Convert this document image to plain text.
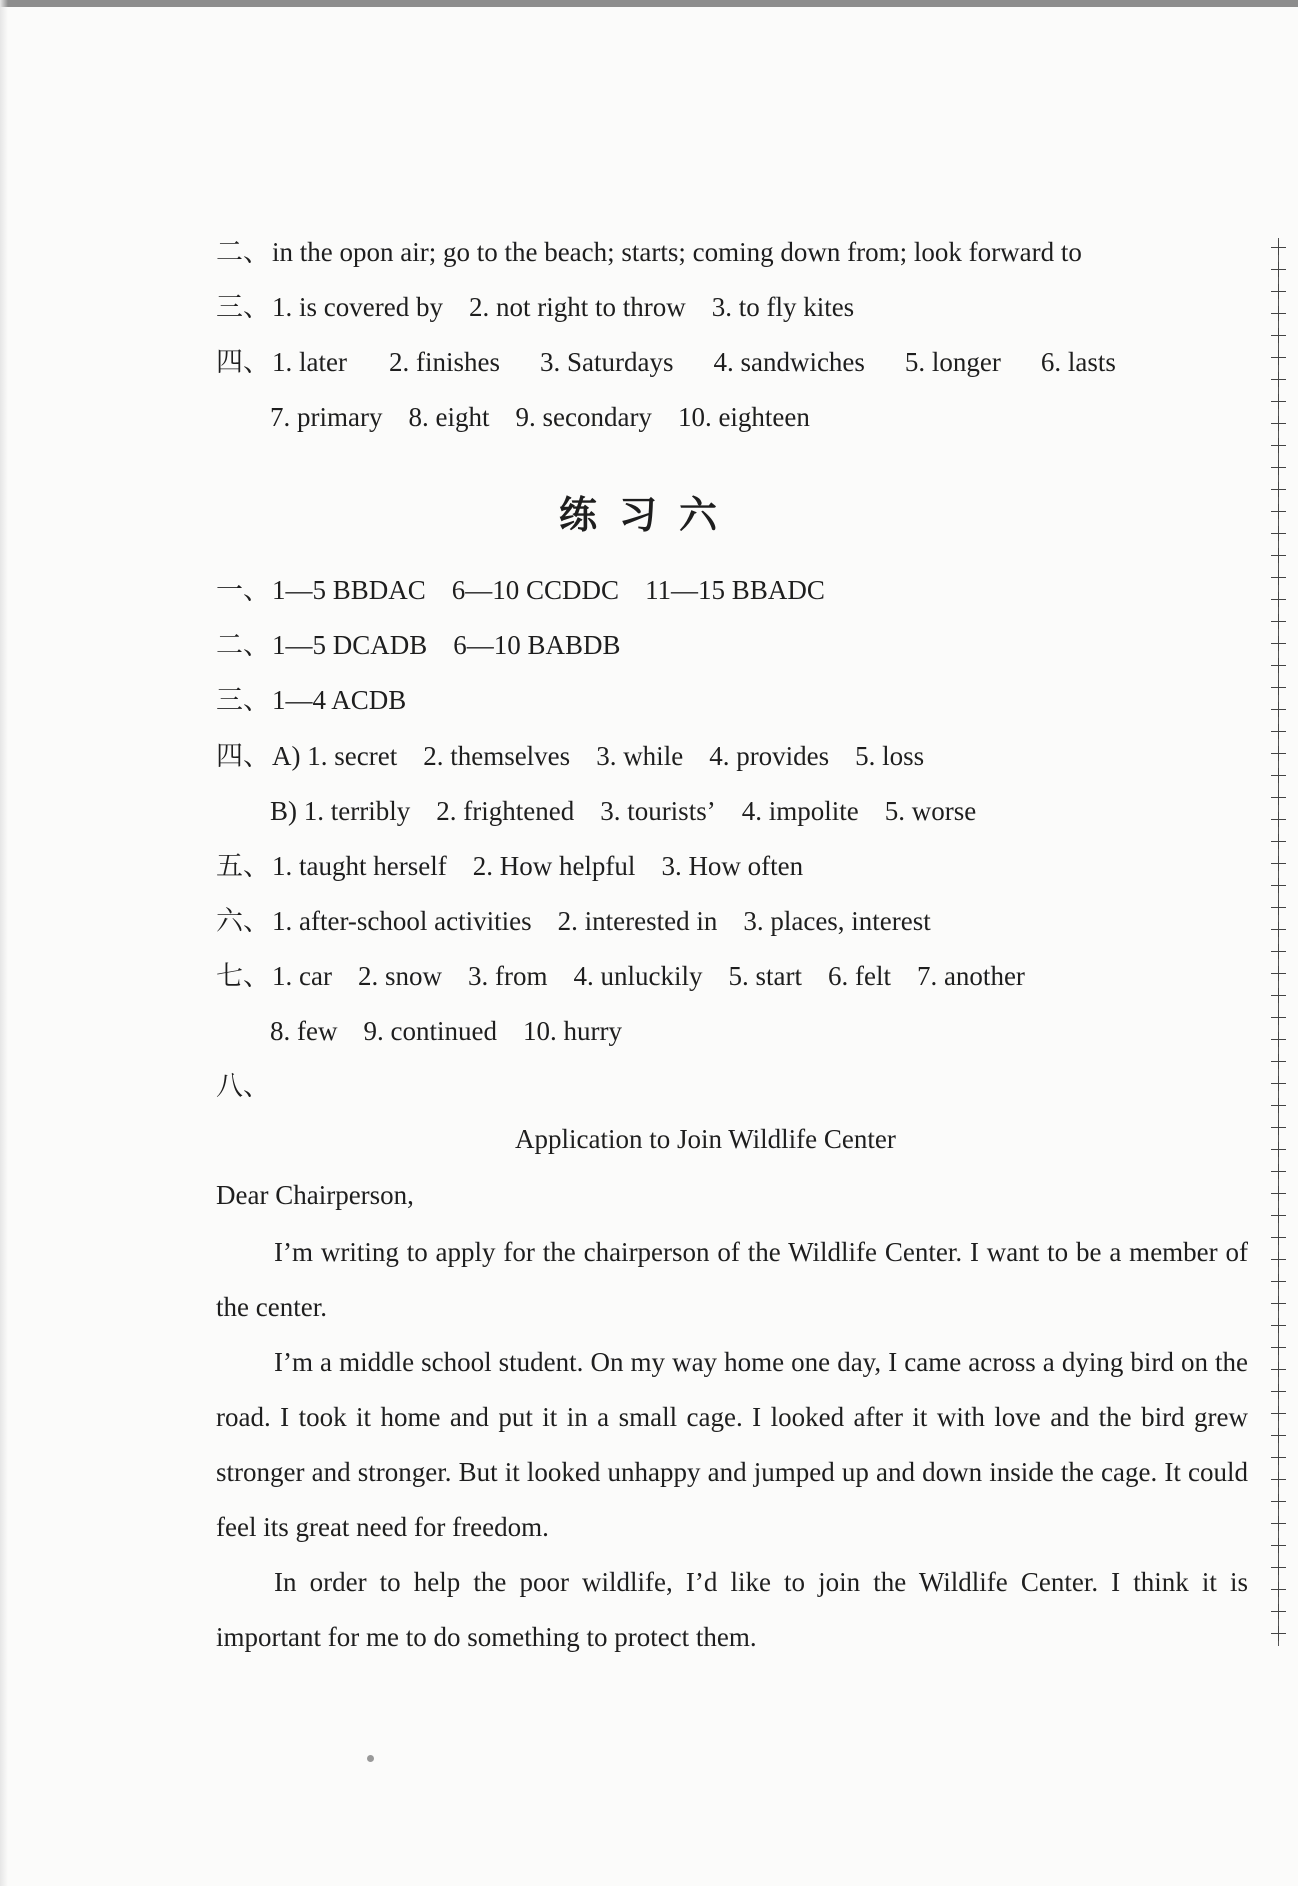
二、in the opon air; go to the beach; starts; coming down from; look forward to
三、1. is covered by 2. not right to throw 3. to fly kites
四、1. later 2. finishes 3. Saturdays 4. sandwiches 5. longer 6. lasts
7. primary 8. eight 9. secondary 10. eighteen
练习六
一、1—5 BBDAC 6—10 CCDDC 11—15 BBADC
二、1—5 DCADB 6—10 BABDB
三、1—4 ACDB
四、A) 1. secret 2. themselves 3. while 4. provides 5. loss
B) 1. terribly 2. frightened 3. tourists’ 4. impolite 5. worse
五、1. taught herself 2. How helpful 3. How often
六、1. after-school activities 2. interested in 3. places, interest
七、1. car 2. snow 3. from 4. unluckily 5. start 6. felt 7. another
8. few 9. continued 10. hurry
八、
Application to Join Wildlife Center
Dear Chairperson,
I’m writing to apply for the chairperson of the Wildlife Center. I want to be a member of the center.
I’m a middle school student. On my way home one day, I came across a dying bird on the road. I took it home and put it in a small cage. I looked after it with love and the bird grew stronger and stronger. But it looked unhappy and jumped up and down inside the cage. It could feel its great need for freedom.
In order to help the poor wildlife, I’d like to join the Wildlife Center. I think it is important for me to do something to protect them.
